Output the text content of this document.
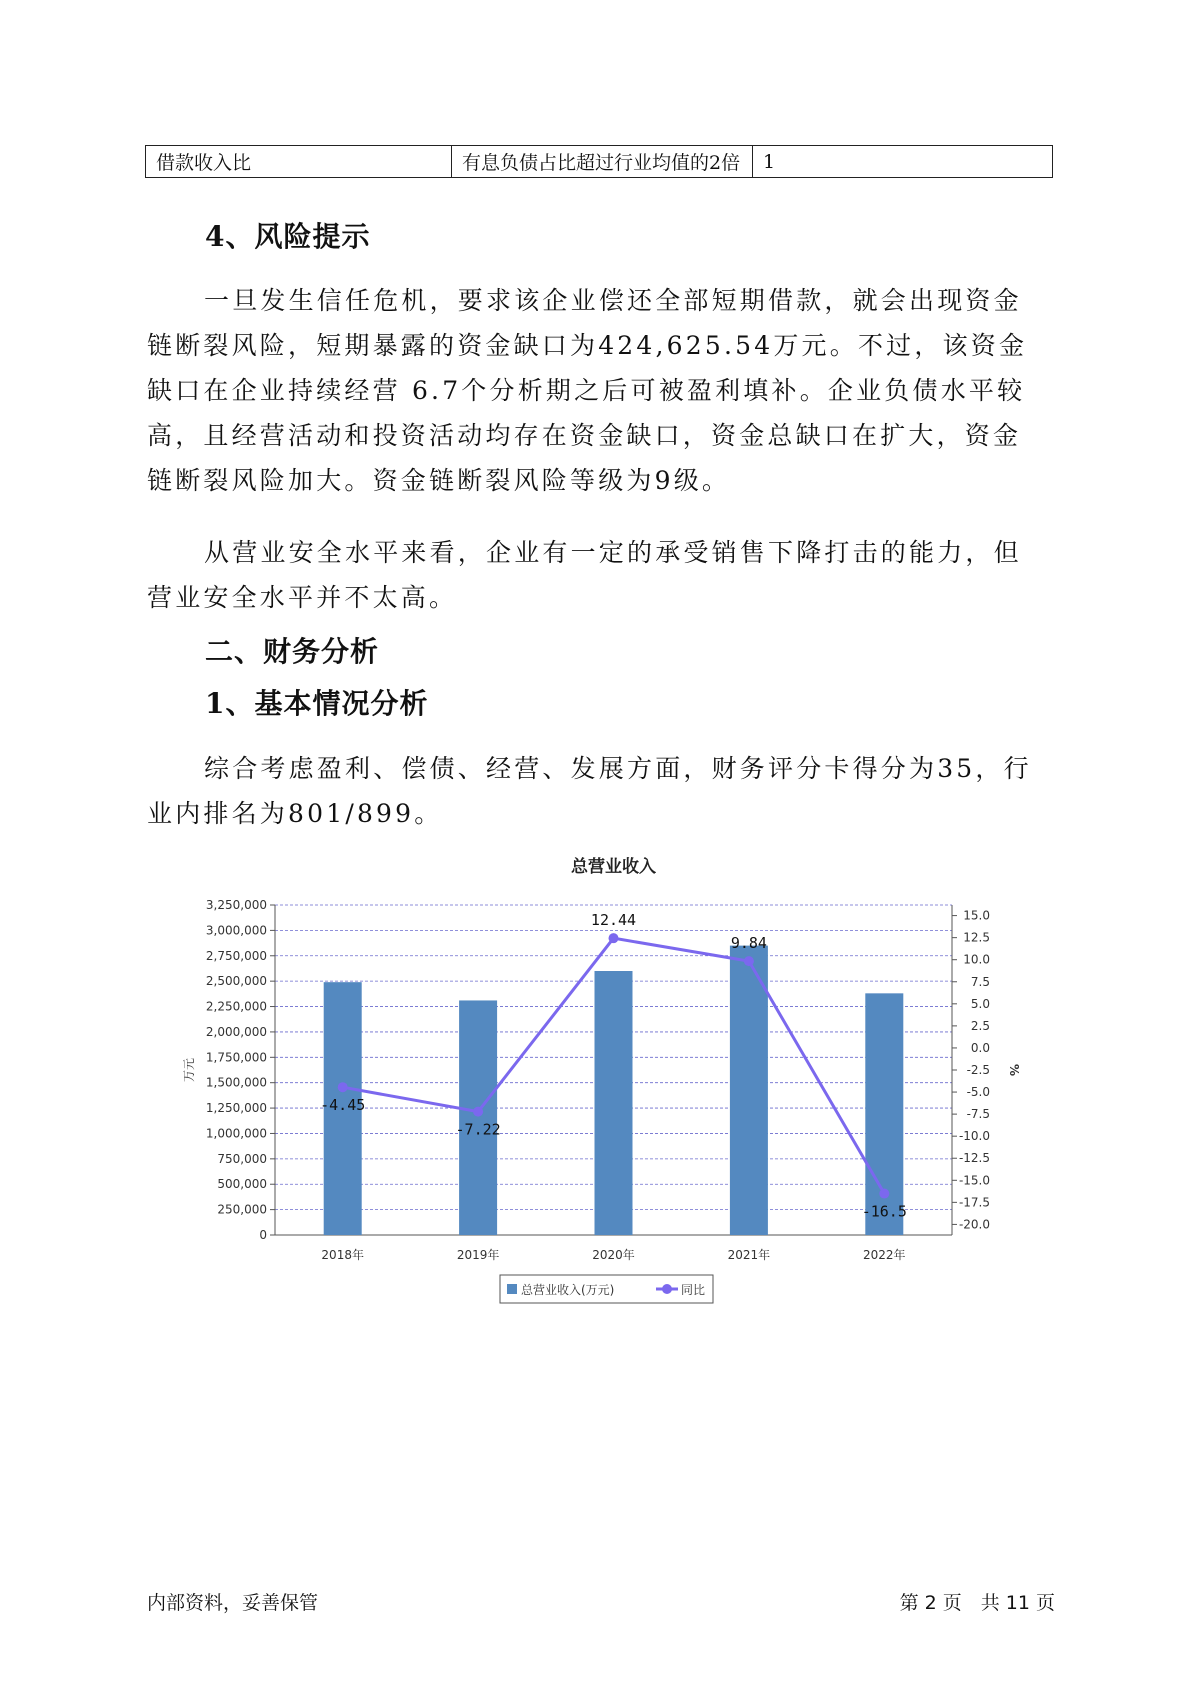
借款收入比	有息负债占比超过行业均值的2倍	1
4、风险提示

一旦发生信任危机，要求该企业偿还全部短期借款，就会出现资金链断裂风险，短期暴露的资金缺口为424,625.54万元。不过，该资金缺口在企业持续经营 6.7个分析期之后可被盈利填补。企业负债水平较高，且经营活动和投资活动均存在资金缺口，资金总缺口在扩大，资金链断裂风险加大。资金链断裂风险等级为9级。

从营业安全水平来看，企业有一定的承受销售下降打击的能力，但营业安全水平并不太高。

二、财务分析
1、基本情况分析

综合考虑盈利、偿债、经营、发展方面，财务评分卡得分为35，行业内排名为801/899。

总营业收入
3,250,000
3,000,000
2,750,000
2,500,000
2,250,000
2,000,000
1,750,000
1,500,000
1,250,000
1,000,000
750,000
500,000
250,000
0
15.0
12.5
10.0
7.5
5.0
2.5
0.0
-2.5
-5.0
-7.5
-10.0
-12.5
-15.0
-17.5
-20.0
万元	%
2018年	2019年	2020年	2021年	2022年
-4.45
-7.22
12.44
9.84
-16.5
总营业收入(万元)	同比
内部资料，妥善保管	第 2 页　共 11 页
